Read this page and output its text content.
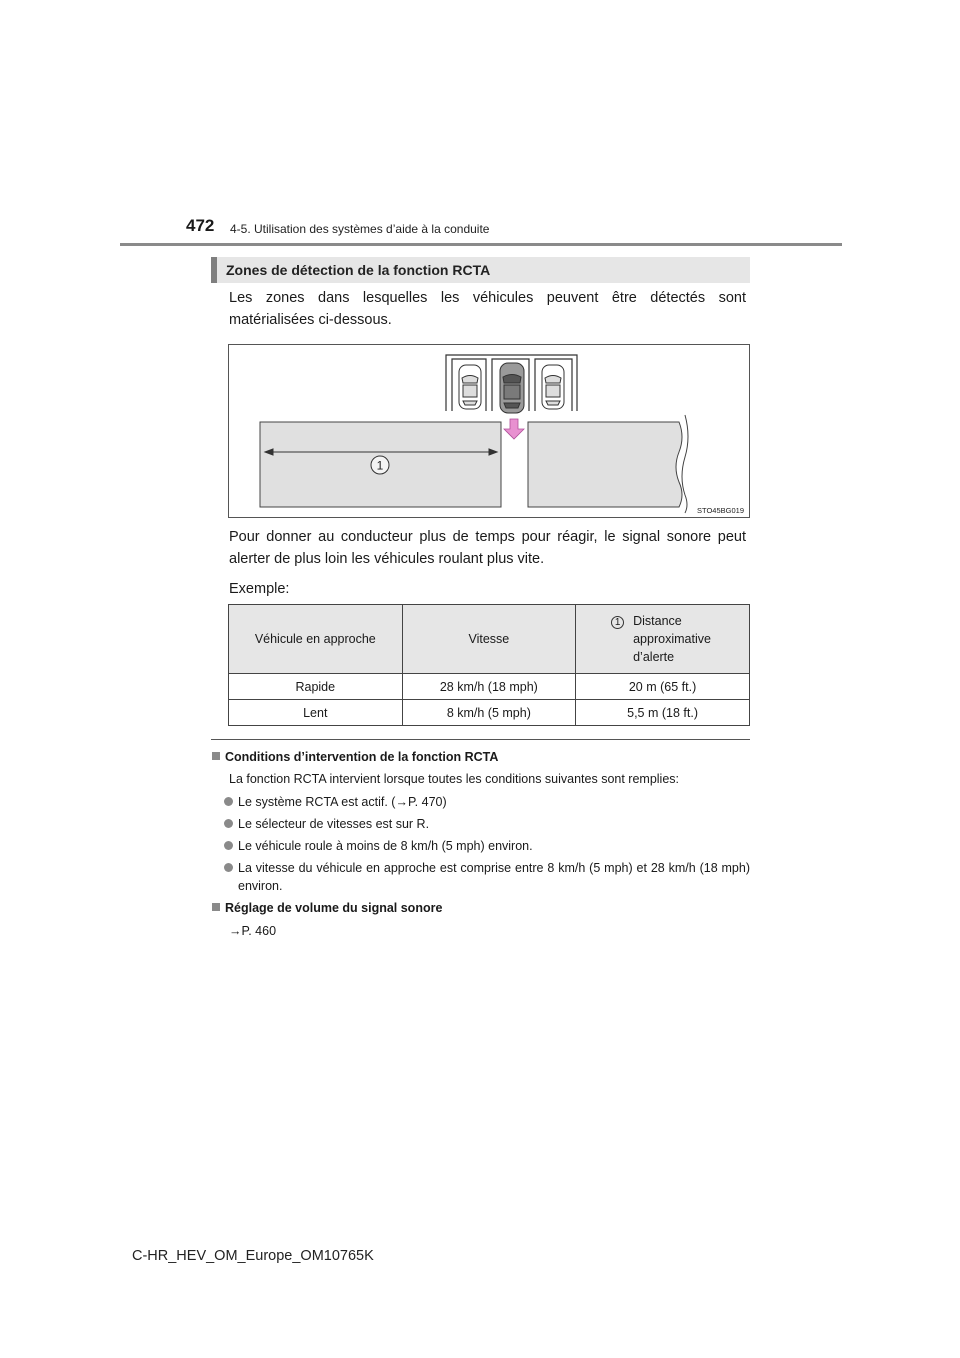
472 4-5. Utilisation des systèmes d’aide à la conduite
Zones de détection de la fonction RCTA

Les zones dans lesquelles les véhicules peuvent être détectés sont matérialisées ci-dessous.

1
STO45BG019

Pour donner au conducteur plus de temps pour réagir, le signal sonore peut alerter de plus loin les véhicules roulant plus vite.

Exemple:

Véhicule en approche	Vitesse	1 Distance
approximative
d’alerte
Rapide	28 km/h (18 mph)	20 m (65 ft.)
Lent	8 km/h (5 mph)	5,5 m (18 ft.)
Conditions d’intervention de la fonction RCTA

La fonction RCTA intervient lorsque toutes les conditions suivantes sont remplies:

Le système RCTA est actif. (→P. 470)
Le sélecteur de vitesses est sur R.
Le véhicule roule à moins de 8 km/h (5 mph) environ.
La vitesse du véhicule en approche est comprise entre 8 km/h (5 mph) et 28 km/h (18 mph) environ.
Réglage de volume du signal sonore

→P. 460

C-HR_HEV_OM_Europe_OM10765K
